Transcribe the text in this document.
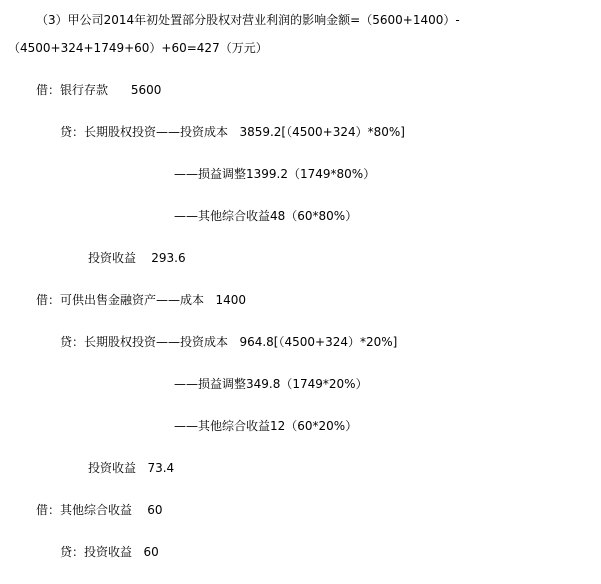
（3）甲公司2014年初处置部分股权对营业利润的影响金额=（5600+1400）-
（4500+324+1749+60）+60=427（万元）
借：银行存款      5600
贷：长期股权投资——投资成本   3859.2[（4500+324）*80%]
——损益调整1399.2（1749*80%）
——其他综合收益48（60*80%）
投资收益    293.6
借：可供出售金融资产——成本   1400
贷：长期股权投资——投资成本   964.8[（4500+324）*20%]
——损益调整349.8（1749*20%）
——其他综合收益12（60*20%）
投资收益   73.4
借：其他综合收益    60
贷：投资收益   60
